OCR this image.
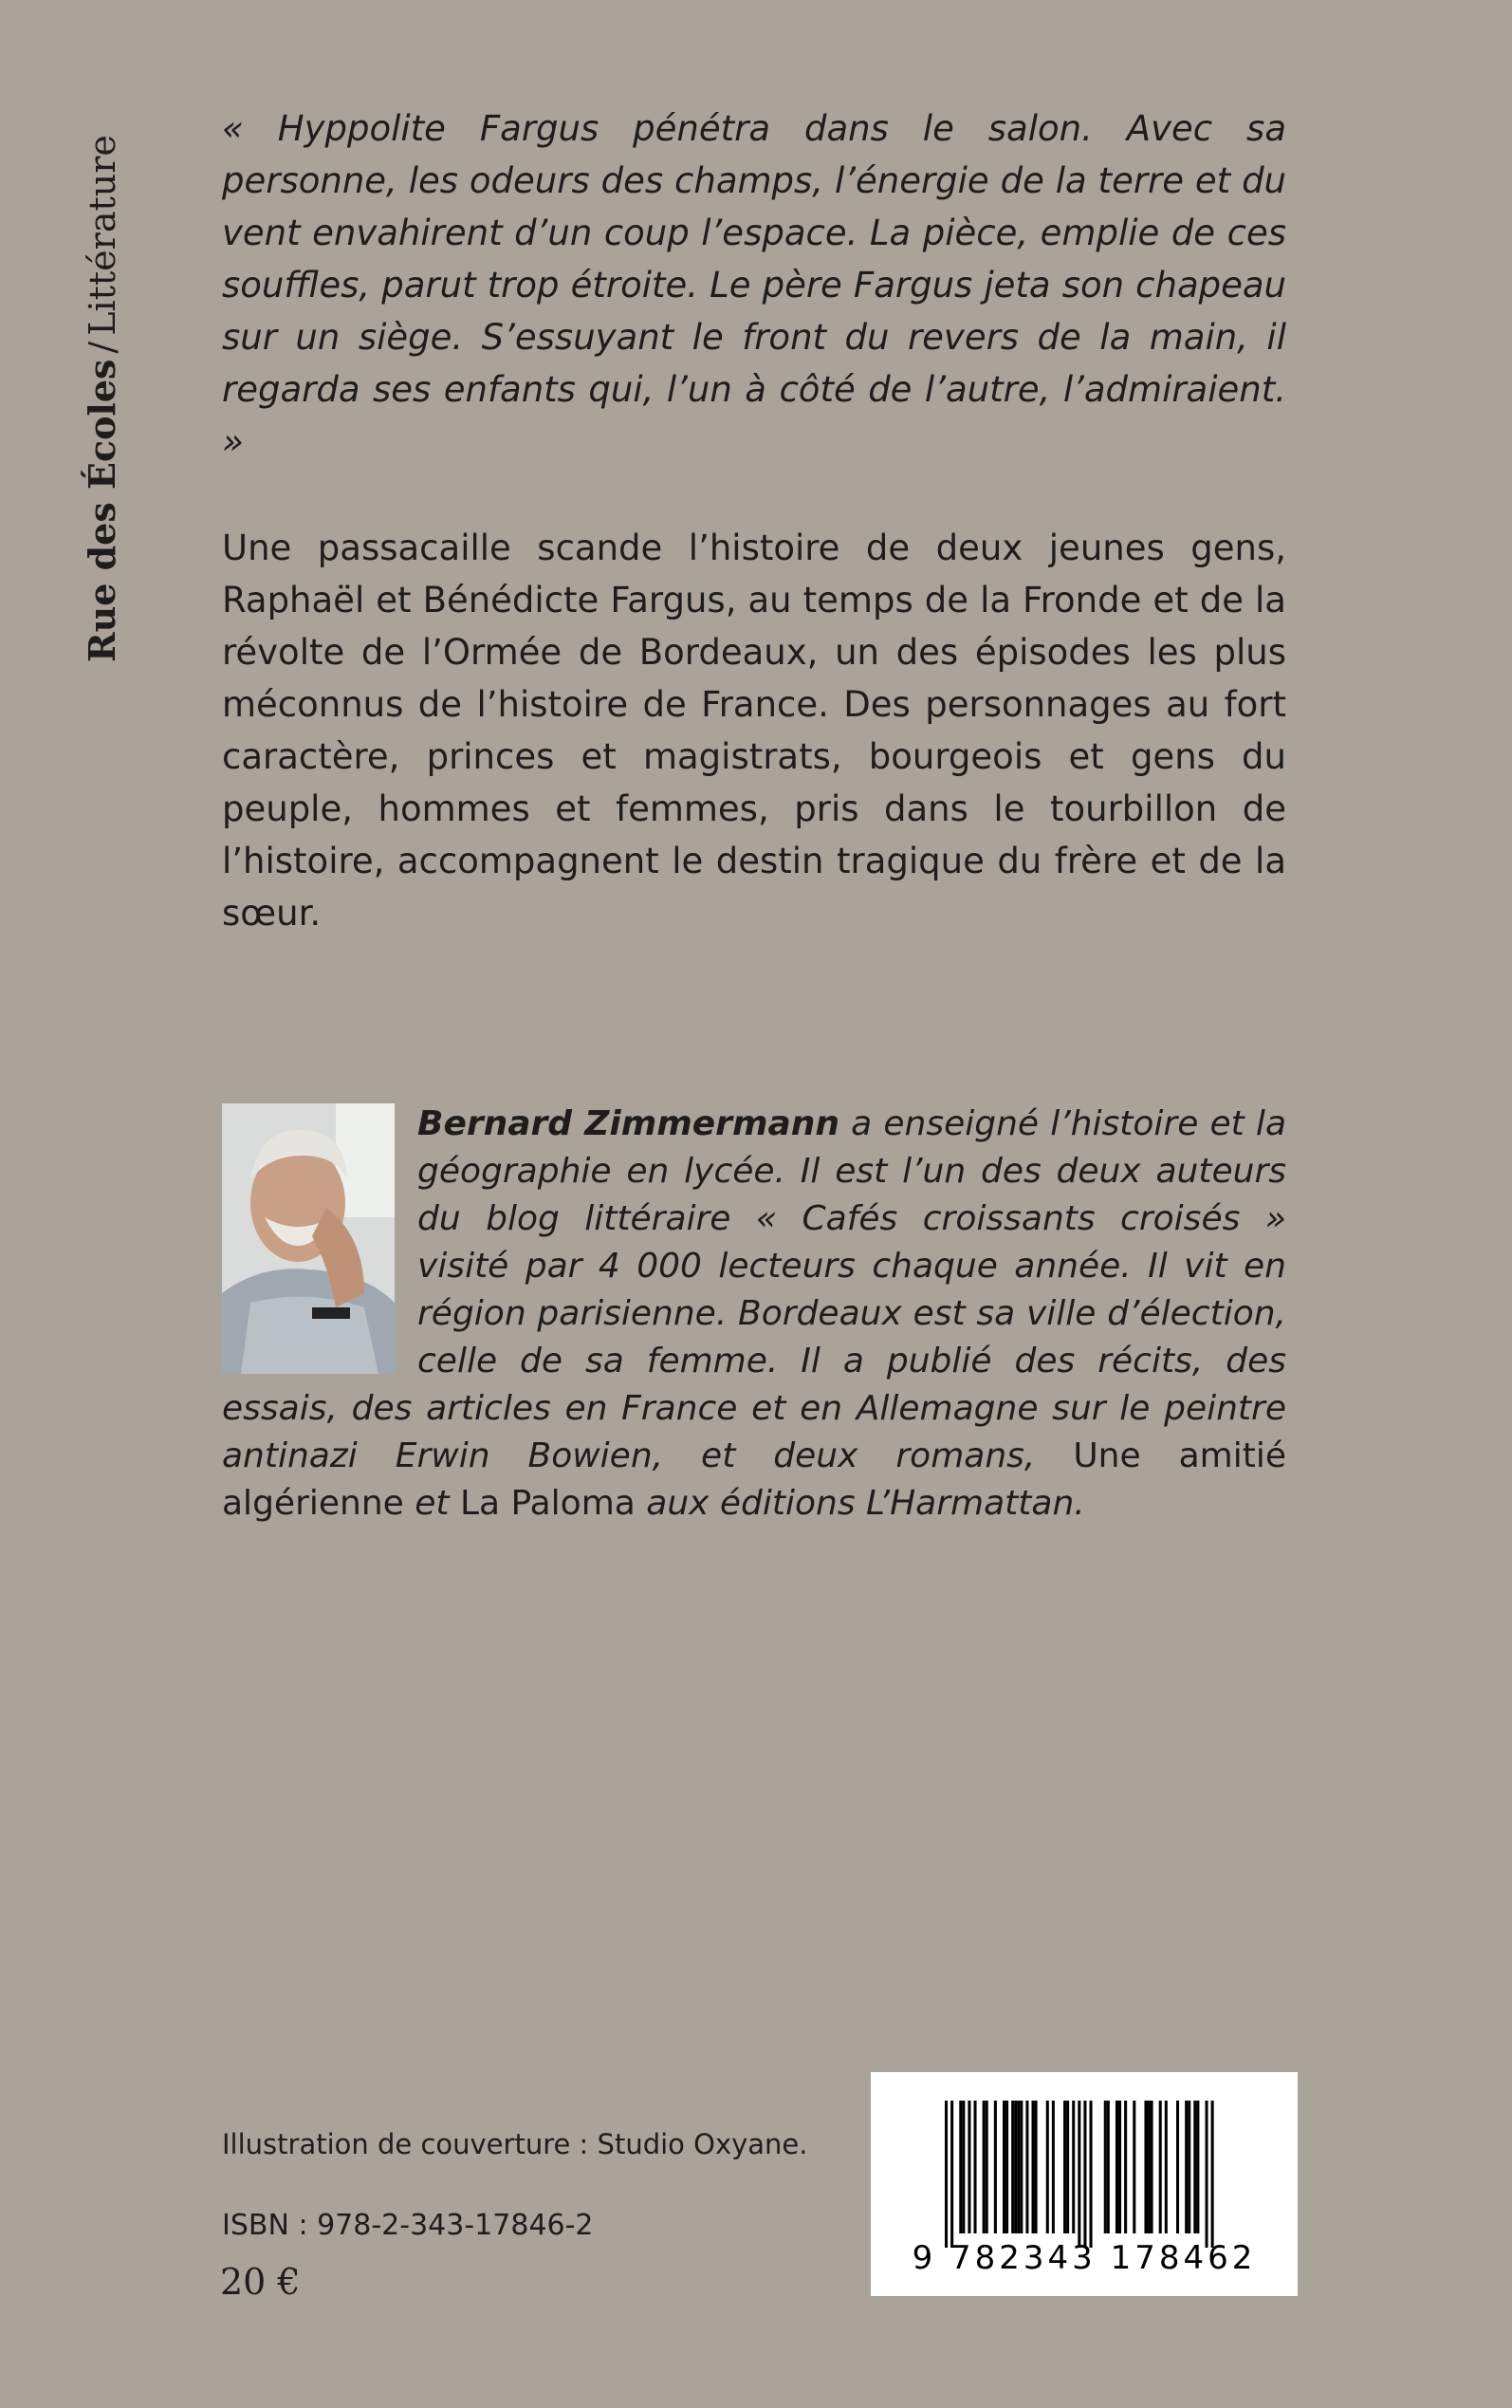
Rue des Écoles/Littérature

« Hyppolite Fargus pénétra dans le salon. Avec sa personne, les odeurs des champs, l’énergie de la terre et du vent envahirent d’un coup l’espace. La pièce, emplie de ces souffles, parut trop étroite. Le père Fargus jeta son chapeau sur un siège. S’essuyant le front du revers de la main, il regarda ses enfants qui, l’un à côté de l’autre, l’admiraient. »

Une passacaille scande l’histoire de deux jeunes gens, Raphaël et Bénédicte Fargus, au temps de la Fronde et de la révolte de l’Ormée de Bordeaux, un des épisodes les plus méconnus de l’histoire de France. Des personnages au fort caractère, princes et magistrats, bourgeois et gens du peuple, hommes et femmes, pris dans le tourbillon de l’histoire, accompagnent le destin tragique du frère et de la sœur.

Bernard Zimmermann a enseigné l’histoire et la géographie en lycée. Il est l’un des deux auteurs du blog littéraire « Cafés croissants croisés » visité par 4 000 lecteurs chaque année. Il vit en région parisienne. Bordeaux est sa ville d’élection, celle de sa femme. Il a publié des récits, des essais, des articles en France et en Allemagne sur le peintre antinazi Erwin Bowien, et deux romans, Une amitié algérienne et La Paloma aux éditions L’Harmattan.

Illustration de couverture : Studio Oxyane.
ISBN : 978-2-343-17846-2
20 €
9 782343 178462
